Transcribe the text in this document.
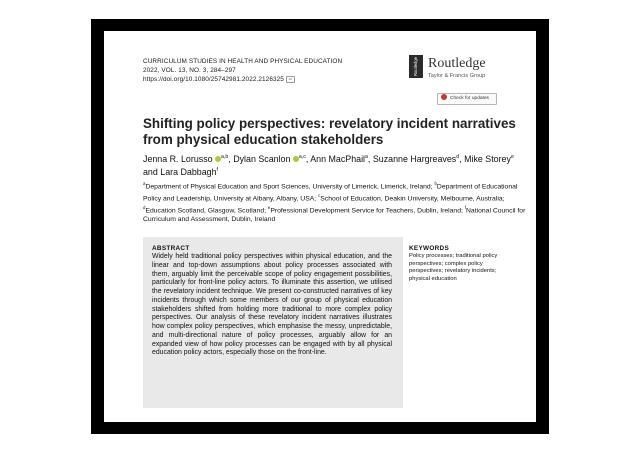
CURRICULUM STUDIES IN HEALTH AND PHYSICAL EDUCATION
2022, VOL. 13, NO. 3, 284–297
https://doi.org/10.1080/25742981.2022.2126325 cc
Routledge Routledge
Taylor & Francis Group
Check for updates
Shifting policy perspectives: revelatory incident narratives from physical education stakeholders
Jenna R. Lorusso $^{a,b}$, Dylan Scanlon $^{a,c}$, Ann MacPhail$^a$, Suzanne Hargreaves$^d$, Mike Storey$^e$ and Lara Dabbagh$^f$
$^a$Department of Physical Education and Sport Sciences, University of Limerick, Limerick, Ireland; $^b$Department of Educational Policy and Leadership, University at Albany, Albany, USA; $^c$School of Education, Deakin University, Melbourne, Australia; $^d$Education Scotland, Glasgow, Scotland; $^e$Professional Development Service for Teachers, Dublin, Ireland; $^f$National Council for Curriculum and Assessment, Dublin, Ireland
ABSTRACT
Widely held traditional policy perspectives within physical education, and the linear and top-down assumptions about policy processes associated with them, arguably limit the perceivable scope of policy engagement possibilities, particularly for front-line policy actors. To illuminate this assertion, we utilised the revelatory incident technique. We present co-constructed narratives of key incidents through which some members of our group of physical education stakeholders shifted from holding more traditional to more complex policy perspectives. Our analysis of these revelatory incident narratives illustrates how complex policy perspectives, which emphasise the messy, unpredictable, and multi-directional nature of policy processes, arguably allow for an expanded view of how policy processes can be engaged with by all physical education policy actors, especially those on the front-line.
KEYWORDS
Policy processes; traditional policy perspectives; complex policy perspectives; revelatory incidents; physical education
